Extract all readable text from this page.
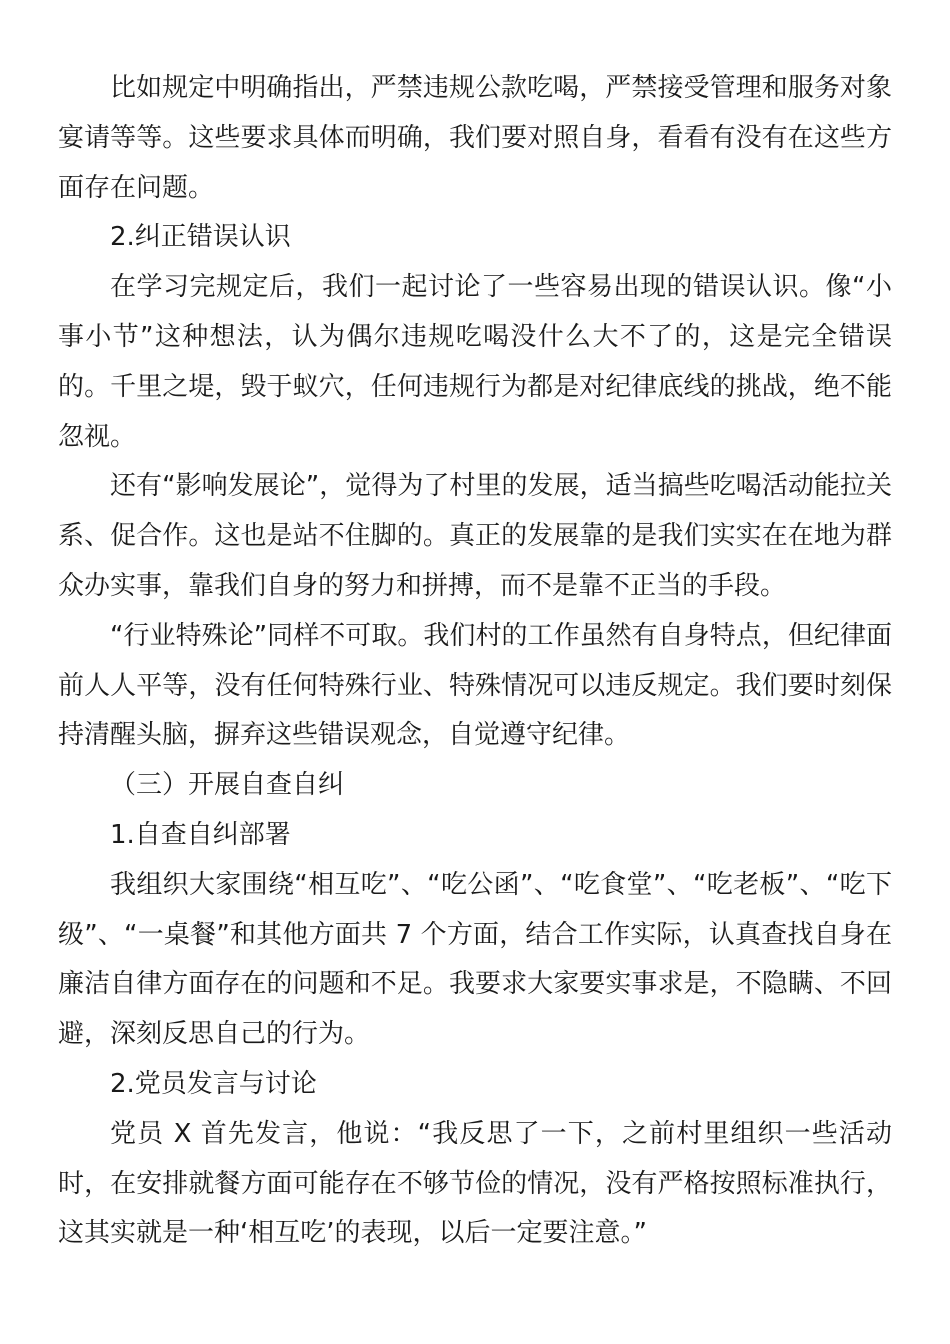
比如规定中明确指出，严禁违规公款吃喝，严禁接受管理和服务对象宴请等等。这些要求具体而明确，我们要对照自身，看看有没有在这些方面存在问题。

2.纠正错误认识

在学习完规定后，我们一起讨论了一些容易出现的错误认识。像“小事小节”这种想法，认为偶尔违规吃喝没什么大不了的，这是完全错误的。千里之堤，毁于蚁穴，任何违规行为都是对纪律底线的挑战，绝不能忽视。

还有“影响发展论”，觉得为了村里的发展，适当搞些吃喝活动能拉关系、促合作。这也是站不住脚的。真正的发展靠的是我们实实在在地为群众办实事，靠我们自身的努力和拼搏，而不是靠不正当的手段。

“行业特殊论”同样不可取。我们村的工作虽然有自身特点，但纪律面前人人平等，没有任何特殊行业、特殊情况可以违反规定。我们要时刻保持清醒头脑，摒弃这些错误观念，自觉遵守纪律。

（三）开展自查自纠

1.自查自纠部署

我组织大家围绕“相互吃”、“吃公函”、“吃食堂”、“吃老板”、“吃下级”、“一桌餐”和其他方面共 7 个方面，结合工作实际，认真查找自身在廉洁自律方面存在的问题和不足。我要求大家要实事求是，不隐瞒、不回避，深刻反思自己的行为。

2.党员发言与讨论

党员 X 首先发言，他说：“我反思了一下，之前村里组织一些活动时，在安排就餐方面可能存在不够节俭的情况，没有严格按照标准执行，这其实就是一种‘相互吃’的表现，以后一定要注意。”
